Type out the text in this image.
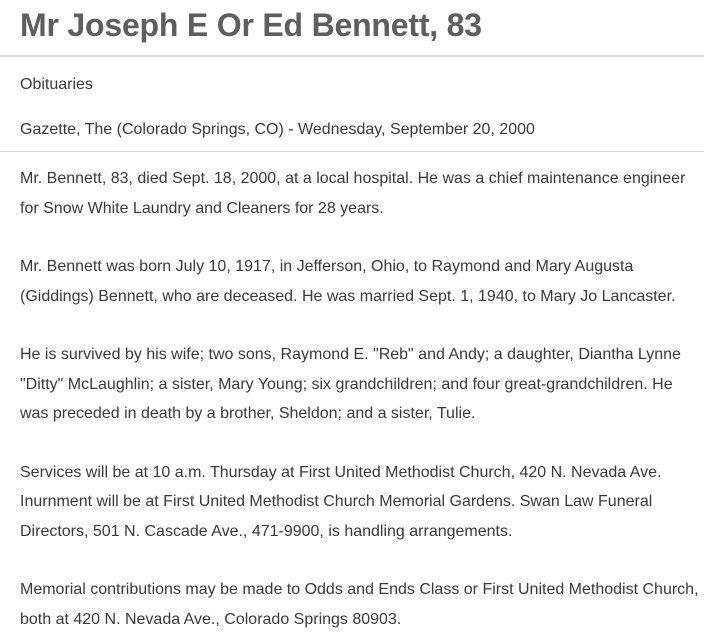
Mr Joseph E Or Ed Bennett, 83
Obituaries
Gazette, The (Colorado Springs, CO) - Wednesday, September 20, 2000

Mr. Bennett, 83, died Sept. 18, 2000, at a local hospital. He was a chief maintenance engineer for Snow White Laundry and Cleaners for 28 years.

Mr. Bennett was born July 10, 1917, in Jefferson, Ohio, to Raymond and Mary Augusta (Giddings) Bennett, who are deceased. He was married Sept. 1, 1940, to Mary Jo Lancaster.

He is survived by his wife; two sons, Raymond E. "Reb" and Andy; a daughter, Diantha Lynne "Ditty" McLaughlin; a sister, Mary Young; six grandchildren; and four great-grandchildren. He was preceded in death by a brother, Sheldon; and a sister, Tulie.

Services will be at 10 a.m. Thursday at First United Methodist Church, 420 N. Nevada Ave. Inurnment will be at First United Methodist Church Memorial Gardens. Swan Law Funeral Directors, 501 N. Cascade Ave., 471-9900, is handling arrangements.

Memorial contributions may be made to Odds and Ends Class or First United Methodist Church, both at 420 N. Nevada Ave., Colorado Springs 80903.
